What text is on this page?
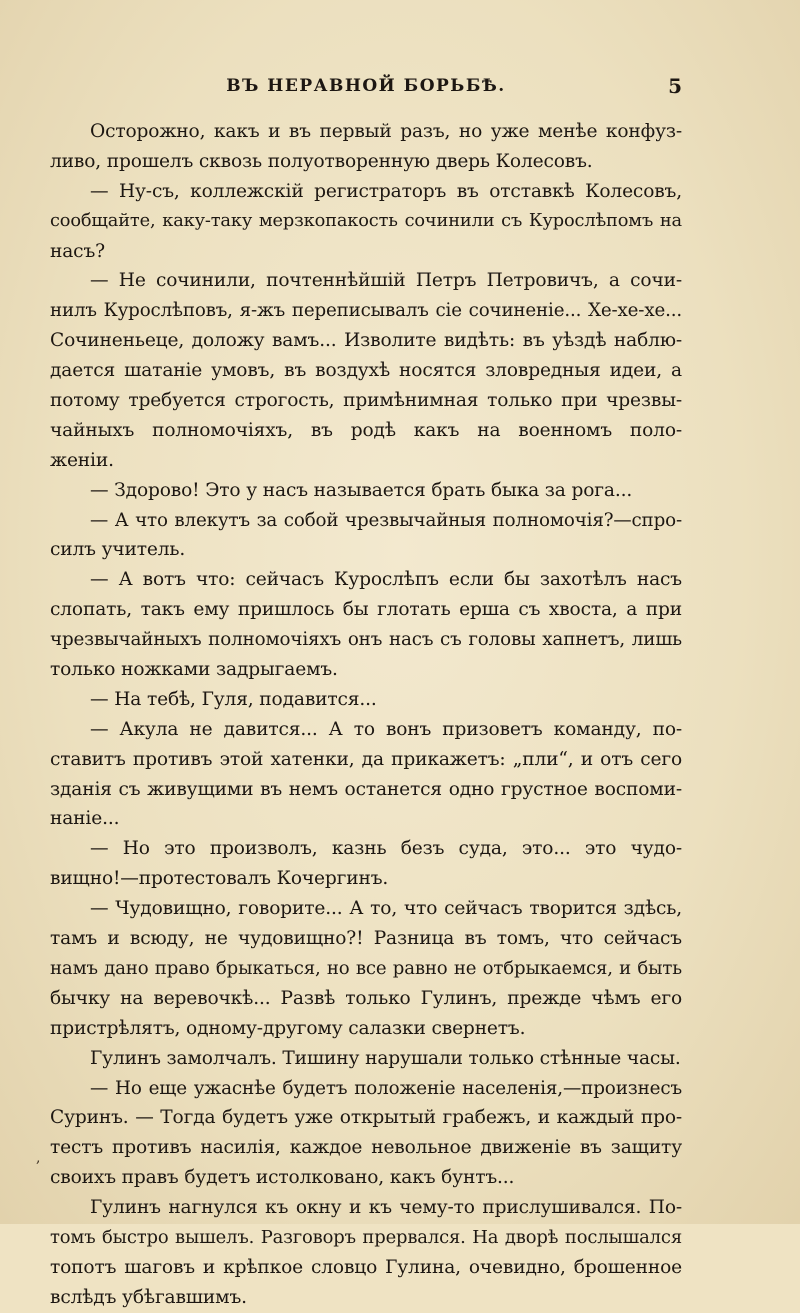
ВЪ НЕРАВНОЙ БОРЬБѢ.	5
Осторожно, какъ и въ первый разъ, но уже менѣе конфуз-
ливо, прошелъ сквозь полуотворенную дверь Колесовъ.
— Ну-съ, коллежскій регистраторъ въ отставкѣ Колесовъ,
сообщайте, каку-таку мерзкопакость сочинили съ Курослѣпомъ на
насъ?
— Не сочинили, почтеннѣйшій Петръ Петровичъ, а сочи-
нилъ Курослѣповъ, я-жъ переписывалъ сіе сочиненіе... Хе-хе-хе...
Сочиненьеце, доложу вамъ... Изволите видѣть: въ уѣздѣ наблю-
дается шатаніе умовъ, въ воздухѣ носятся зловредныя идеи, а
потому требуется строгость, примѣнимная только при чрезвы-
чайныхъ полномочіяхъ, въ родѣ какъ на военномъ поло-
женіи.
— Здорово! Это у насъ называется брать быка за рога...
— А что влекутъ за собой чрезвычайныя полномочія?—спро-
силъ учитель.
— А вотъ что: сейчасъ Курослѣпъ если бы захотѣлъ насъ
слопать, такъ ему пришлось бы глотать ерша съ хвоста, а при
чрезвычайныхъ полномочіяхъ онъ насъ съ головы хапнетъ, лишь
только ножками задрыгаемъ.
— На тебѣ, Гуля, подавится...
— Акула не давится... А то вонъ призоветъ команду, по-
ставитъ противъ этой хатенки, да прикажетъ: „пли“, и отъ сего
зданія съ живущими въ немъ останется одно грустное воспоми-
наніе...
— Но это произволъ, казнь безъ суда, это... это чудо-
вищно!—протестовалъ Кочергинъ.
— Чудовищно, говорите... А то, что сейчасъ творится здѣсь,
тамъ и всюду, не чудовищно?! Разница въ томъ, что сейчасъ
намъ дано право брыкаться, но все равно не отбрыкаемся, и быть
бычку на веревочкѣ... Развѣ только Гулинъ, прежде чѣмъ его
пристрѣлятъ, одному-другому салазки свернетъ.
Гулинъ замолчалъ. Тишину нарушали только стѣнные часы.
— Но еще ужаснѣе будетъ положеніе населенія,—произнесъ
Суринъ. — Тогда будетъ уже открытый грабежъ, и каждый про-
тестъ противъ насилія, каждое невольное движеніе въ защиту
своихъ правъ будетъ истолковано, какъ бунтъ...
Гулинъ нагнулся къ окну и къ чему-то прислушивался. По-
томъ быстро вышелъ. Разговоръ прервался. На дворѣ послышался
топотъ шаговъ и крѣпкое словцо Гулина, очевидно, брошенное
вслѣдъ убѣгавшимъ.
,
